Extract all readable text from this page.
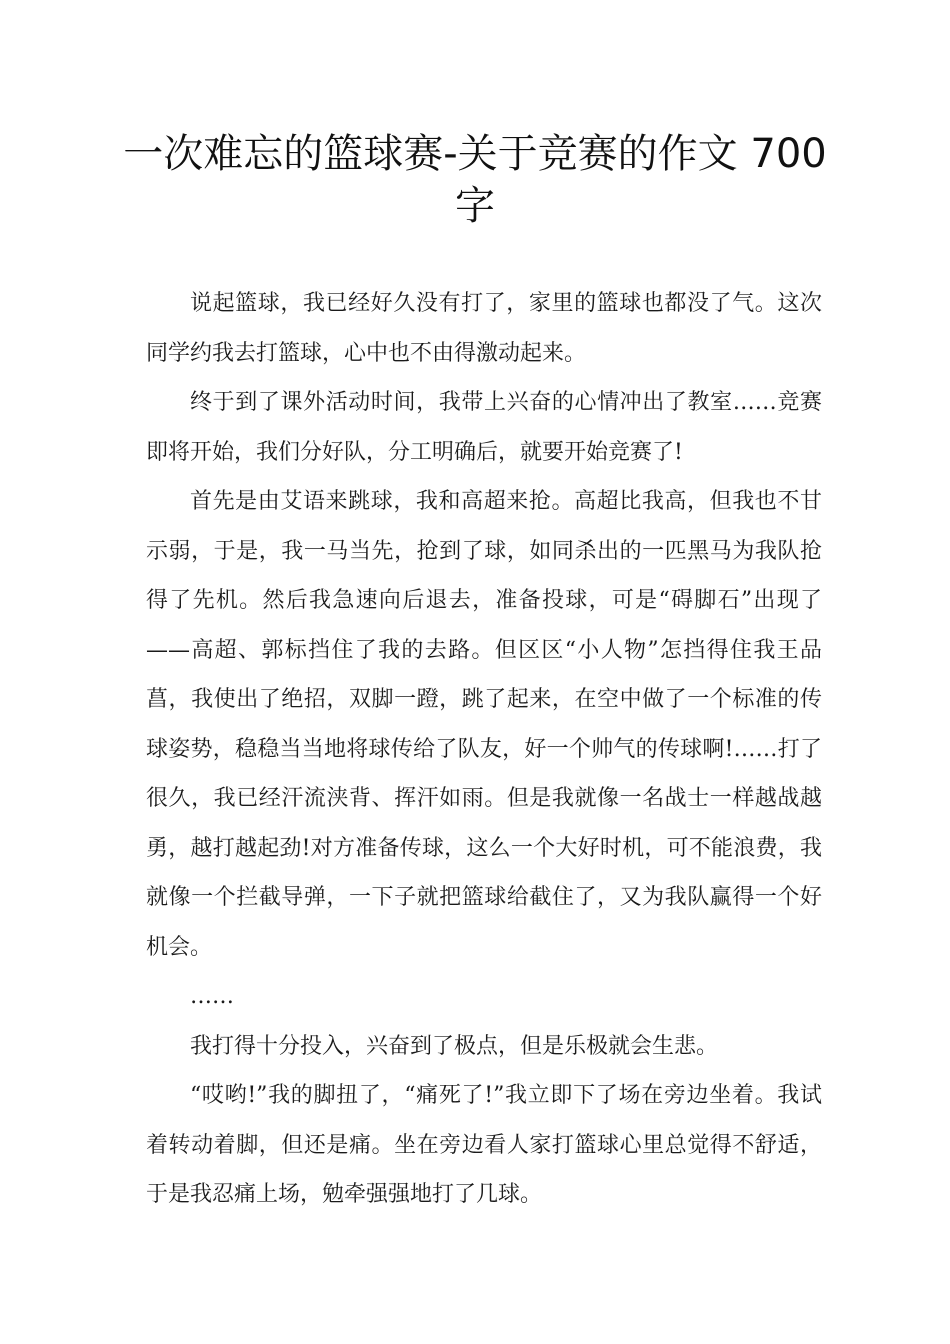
一次难忘的篮球赛-关于竞赛的作文 700 字

说起篮球，我已经好久没有打了，家里的篮球也都没了气。这次同学约我去打篮球，心中也不由得激动起来。

终于到了课外活动时间，我带上兴奋的心情冲出了教室……竞赛即将开始，我们分好队，分工明确后，就要开始竞赛了!

首先是由艾语来跳球，我和高超来抢。高超比我高，但我也不甘示弱，于是，我一马当先，抢到了球，如同杀出的一匹黑马为我队抢得了先机。然后我急速向后退去，准备投球，可是“碍脚石”出现了——高超、郭标挡住了我的去路。但区区“小人物”怎挡得住我王品菖，我使出了绝招，双脚一蹬，跳了起来，在空中做了一个标准的传球姿势，稳稳当当地将球传给了队友，好一个帅气的传球啊!……打了很久，我已经汗流浃背、挥汗如雨。但是我就像一名战士一样越战越勇，越打越起劲!对方准备传球，这么一个大好时机，可不能浪费，我就像一个拦截导弹，一下子就把篮球给截住了，又为我队赢得一个好机会。

……

我打得十分投入，兴奋到了极点，但是乐极就会生悲。

“哎哟!”我的脚扭了，“痛死了!”我立即下了场在旁边坐着。我试着转动着脚，但还是痛。坐在旁边看人家打篮球心里总觉得不舒适，于是我忍痛上场，勉牵强强地打了几球。
